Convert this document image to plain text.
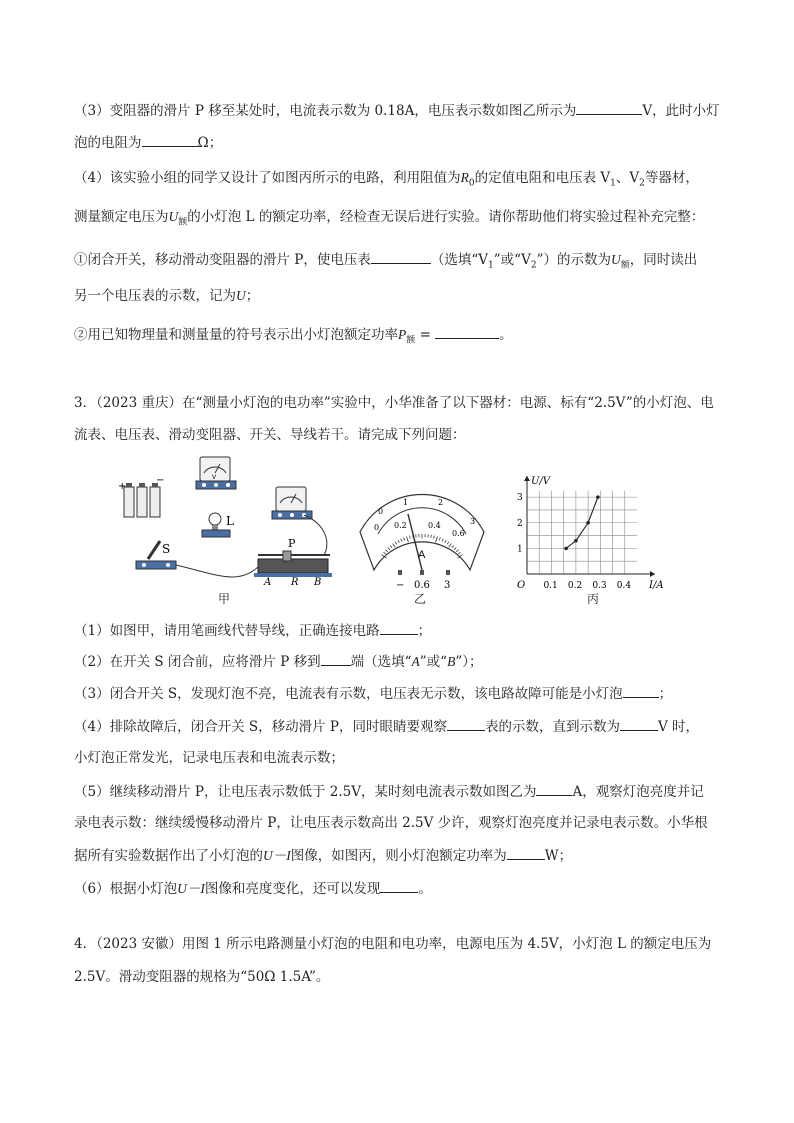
（3）变阻器的滑片 P 移至某处时，电流表示数为 0.18A，电压表示数如图乙所示为	V，此时小灯
泡的电阻为	Ω；
（4）该实验小组的同学又设计了如图丙所示的电路，利用阻值为$R_0$的定值电阻和电压表 $V_1$、$V_2$等器材，
测量额定电压为$U_额$的小灯泡 L 的额定功率，经检查无误后进行实验。请你帮助他们将实验过程补充完整：
①闭合开关，移动滑动变阻器的滑片 P，使电压表	（选填“$V_1$”或“$V_2$”）的示数为$U_额$，同时读出
另一个电压表的示数，记为U；
②用已知物理量和测量量的符号表示出小灯泡额定功率$P_额$ =	。
3．（2023 重庆）在“测量小灯泡的电功率”实验中，小华准备了以下器材：电源、标有“2.5V”的小灯泡、电
流表、电压表、滑动变阻器、开关、导线若干。请完成下列问题：
+
−	V
L
S	P
A R B
甲
0
1	2
3
0 0.2	0.4
0.6
A
− 0.6 3
乙
I/A
U/V
O 0.1 0.2 0.3 0.4
1
2
3
丙
（1）如图甲，请用笔画线代替导线，正确连接电路	；
（2）在开关 S 闭合前，应将滑片 P 移到 端（选填“A”或“B”）；
（3）闭合开关 S，发现灯泡不亮，电流表有示数，电压表无示数，该电路故障可能是小灯泡	；
（4）排除故障后，闭合开关 S，移动滑片 P，同时眼睛要观察	表的示数，直到示数为	V 时，
小灯泡正常发光，记录电压表和电流表示数；
（5）继续移动滑片 P，让电压表示数低于 2.5V，某时刻电流表示数如图乙为	A，观察灯泡亮度并记
录电表示数：继续缓慢移动滑片 P，让电压表示数高出 2.5V 少许，观察灯泡亮度并记录电表示数。小华根
据所有实验数据作出了小灯泡的U－I图像，如图丙，则小灯泡额定功率为	W；
（6）根据小灯泡U－I图像和亮度变化，还可以发现	。
4．（2023 安徽）用图 1 所示电路测量小灯泡的电阻和电功率，电源电压为 4.5V，小灯泡 L 的额定电压为
2.5V。滑动变阻器的规格为“50Ω 1.5A”。
